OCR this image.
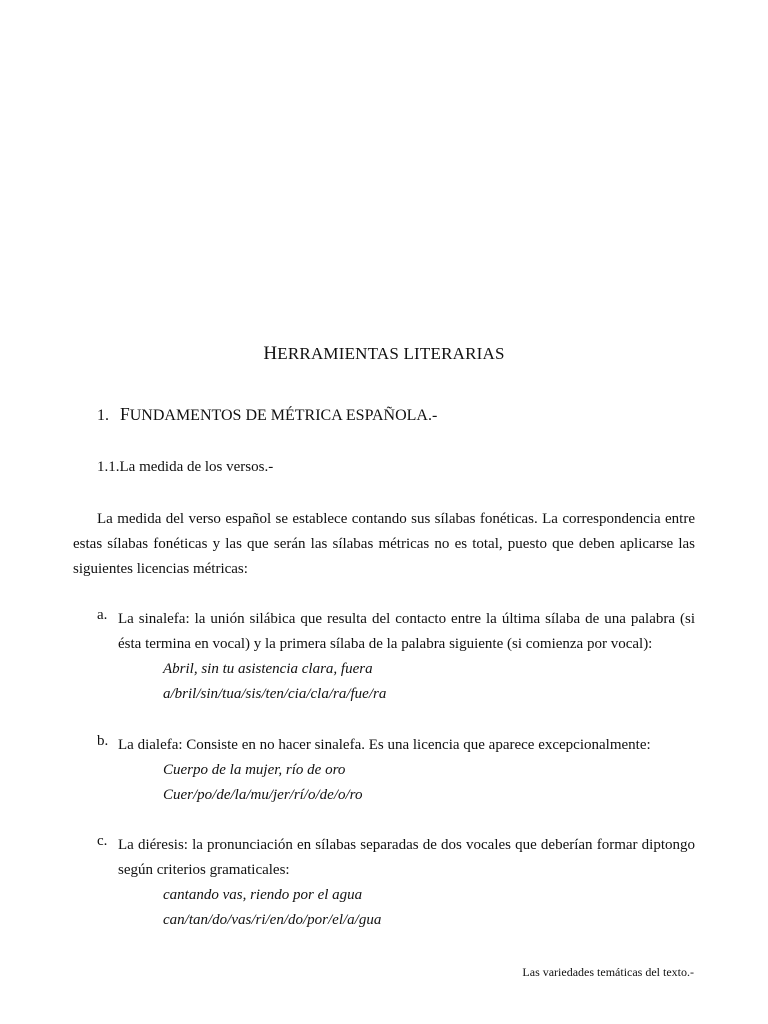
HERRAMIENTAS LITERARIAS
1. FUNDAMENTOS DE MÉTRICA ESPAÑOLA.-
1.1.La medida de los versos.-

La medida del verso español se establece contando sus sílabas fonéticas. La correspondencia entre estas sílabas fonéticas y las que serán las sílabas métricas no es total, puesto que deben aplicarse las siguientes licencias métricas:

a. La sinalefa: la unión silábica que resulta del contacto entre la última sílaba de una palabra (si ésta termina en vocal) y la primera sílaba de la palabra siguiente (si comienza por vocal):

Abril, sin tu asistencia clara, fuera

a/bril/sin/tua/sis/ten/cia/cla/ra/fue/ra

b. La dialefa: Consiste en no hacer sinalefa. Es una licencia que aparece excepcionalmente:

Cuerpo de la mujer, río de oro

Cuer/po/de/la/mu/jer/rí/o/de/o/ro

c. La diéresis: la pronunciación en sílabas separadas de dos vocales que deberían formar diptongo según criterios gramaticales:

cantando vas, riendo por el agua

can/tan/do/vas/ri/en/do/por/el/a/gua

Las variedades temáticas del texto.-
